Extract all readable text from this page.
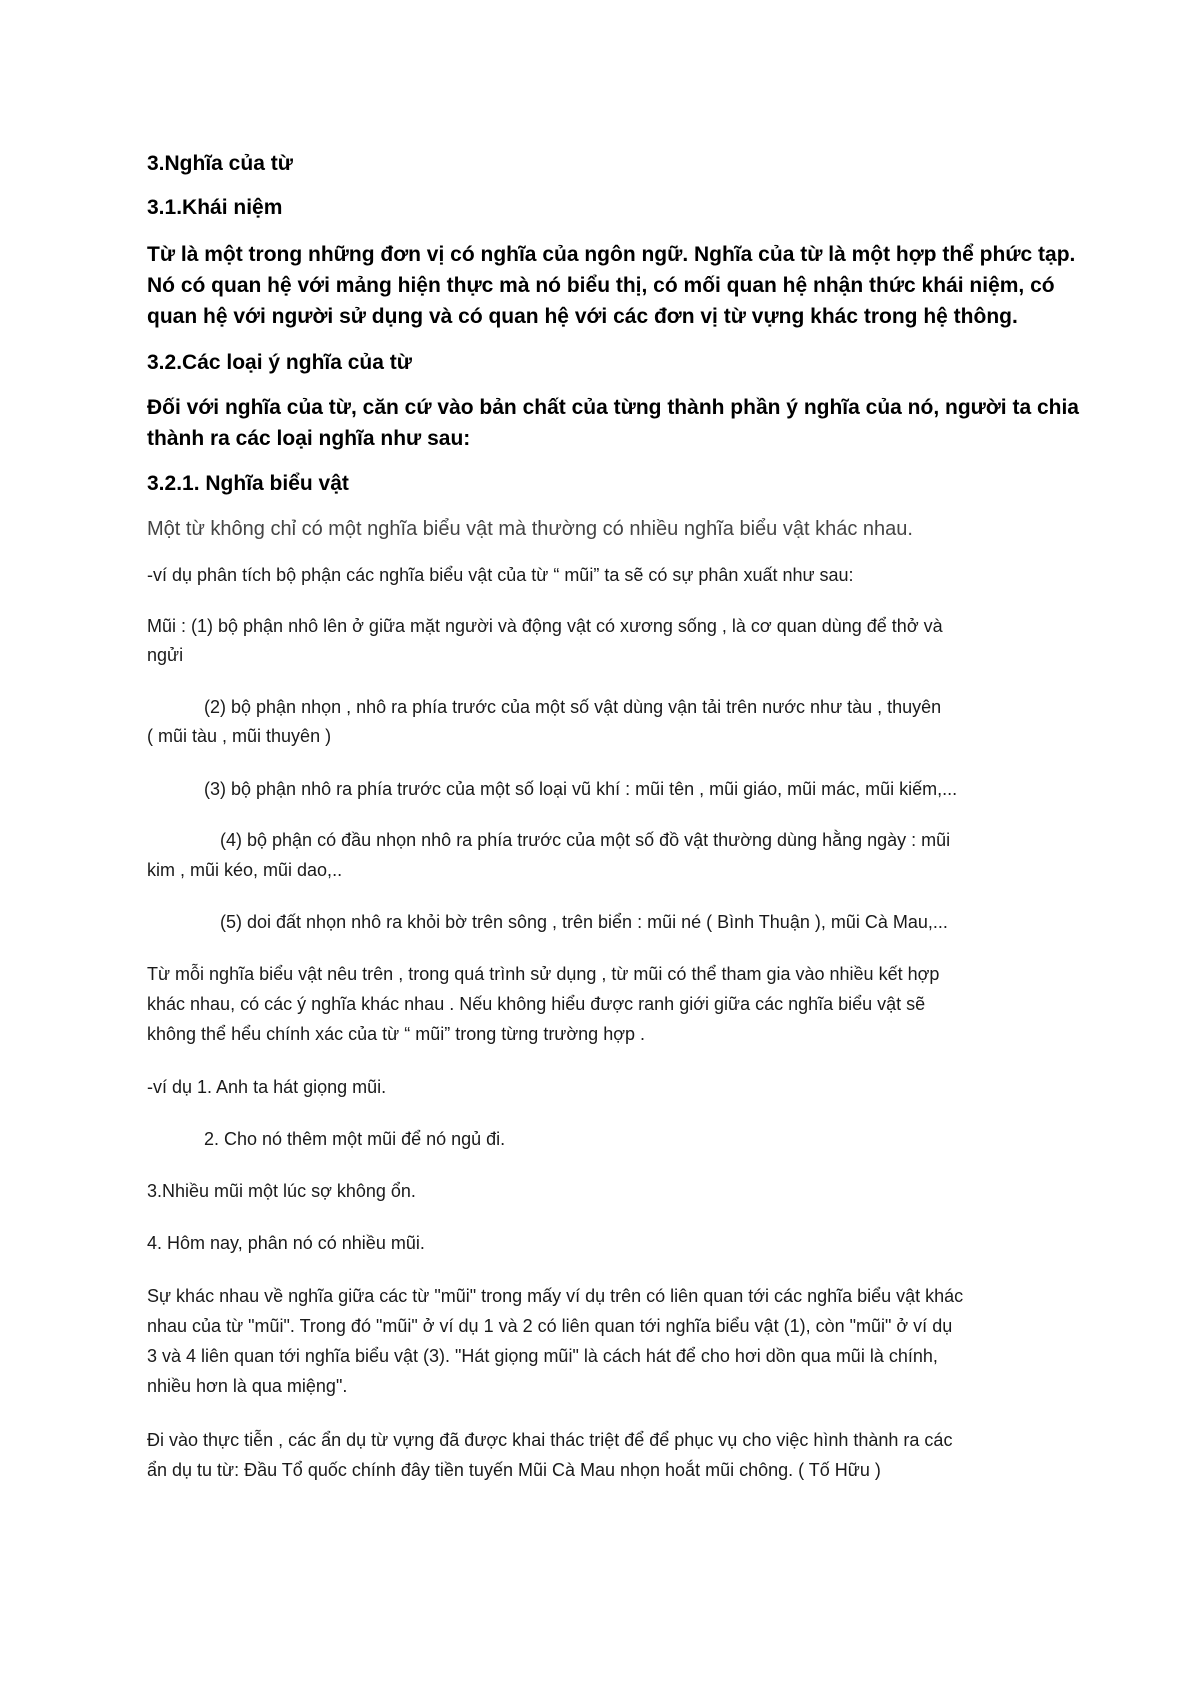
3.Nghĩa của từ

3.1.Khái niệm

Từ là một trong những đơn vị có nghĩa của ngôn ngữ. Nghĩa của từ là một hợp thể phức tạp.

Nó có quan hệ với mảng hiện thực mà nó biểu thị, có mối quan hệ nhận thức khái niệm, có

quan hệ với người sử dụng và có quan hệ với các đơn vị từ vựng khác trong hệ thông.

3.2.Các loại ý nghĩa của từ

Đối với nghĩa của từ, căn cứ vào bản chất của từng thành phần ý nghĩa của nó, người ta chia

thành ra các loại nghĩa như sau:

3.2.1. Nghĩa biểu vật

Một từ không chỉ có một nghĩa biểu vật mà thường có nhiều nghĩa biểu vật khác nhau.

-ví dụ phân tích bộ phận các nghĩa biểu vật của từ “ mũi” ta sẽ có sự phân xuất như sau:

Mũi : (1) bộ phận nhô lên ở giữa mặt người và động vật có xương sống , là cơ quan dùng để thở và

ngửi

(2) bộ phận nhọn , nhô ra phía trước của một số vật dùng vận tải trên nước như tàu , thuyên

( mũi tàu , mũi thuyên )

(3) bộ phận nhô ra phía trước của một số loại vũ khí : mũi tên , mũi giáo, mũi mác, mũi kiếm,...

(4) bộ phận có đầu nhọn nhô ra phía trước của một số đồ vật thường dùng hằng ngày : mũi

kim , mũi kéo, mũi dao,..

(5) doi đất nhọn nhô ra khỏi bờ trên sông , trên biển : mũi né ( Bình Thuận ), mũi Cà Mau,...

Từ mỗi nghĩa biểu vật nêu trên , trong quá trình sử dụng , từ mũi có thể tham gia vào nhiều kết hợp

khác nhau, có các ý nghĩa khác nhau . Nếu không hiểu được ranh giới giữa các nghĩa biểu vật sẽ

không thể hểu chính xác của từ “ mũi” trong từng trường hợp .

-ví dụ 1. Anh ta hát giọng mũi.

2. Cho nó thêm một mũi để nó ngủ đi.

3.Nhiều mũi một lúc sợ không ổn.

4. Hôm nay, phân nó có nhiều mũi.

Sự khác nhau về nghĩa giữa các từ "mũi" trong mấy ví dụ trên có liên quan tới các nghĩa biểu vật khác

nhau của từ "mũi". Trong đó "mũi" ở ví dụ 1 và 2 có liên quan tới nghĩa biểu vật (1), còn "mũi" ở ví dụ

3 và 4 liên quan tới nghĩa biểu vật (3). "Hát giọng mũi" là cách hát để cho hơi dồn qua mũi là chính,

nhiều hơn là qua miệng".

Đi vào thực tiễn , các ẩn dụ từ vựng đã được khai thác triệt để để phục vụ cho việc hình thành ra các

ẩn dụ tu từ: Đầu Tổ quốc chính đây tiền tuyến Mũi Cà Mau nhọn hoắt mũi chông. ( Tố Hữu )
